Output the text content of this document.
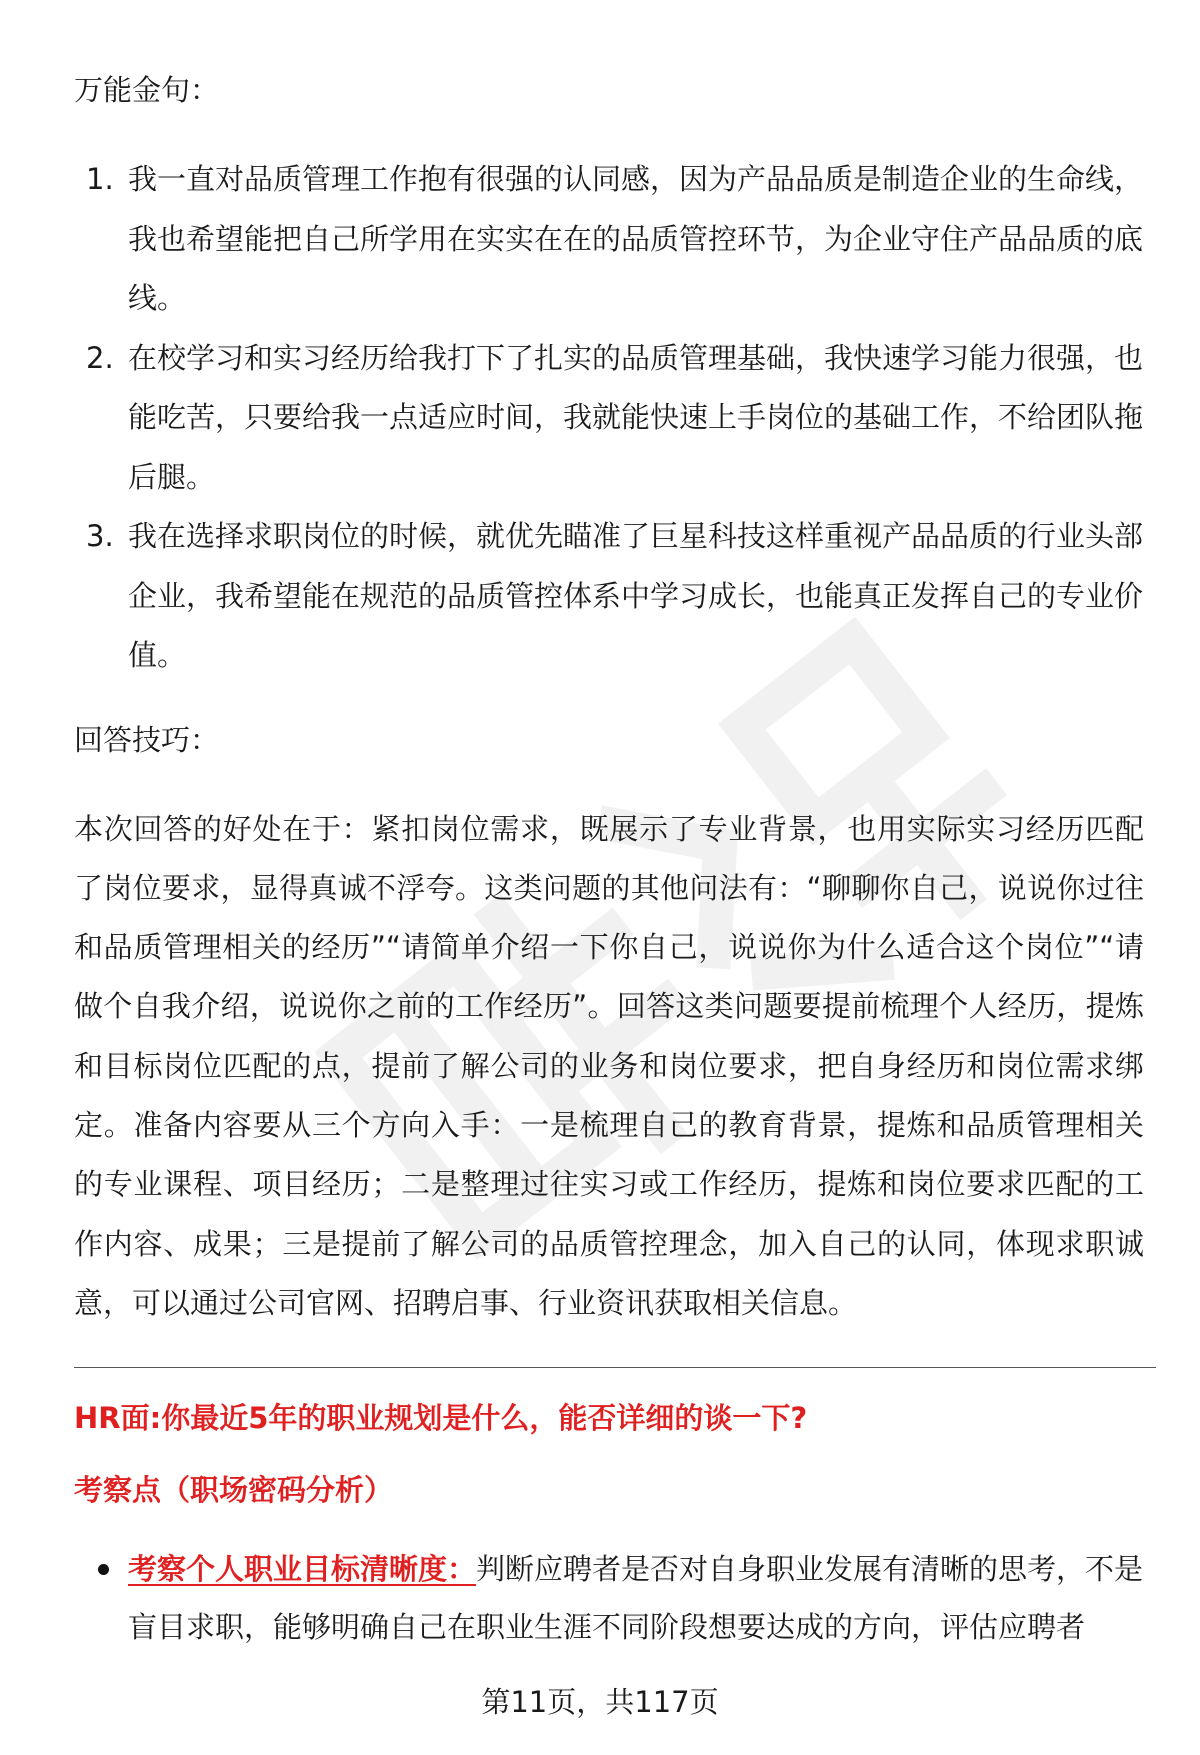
万能金句：

1. 我一直对品质管理工作抱有很强的认同感，因为产品品质是制造企业的生命线，我也希望能把自己所学用在实实在在的品质管控环节，为企业守住产品品质的底线。
2. 在校学习和实习经历给我打下了扎实的品质管理基础，我快速学习能力很强，也能吃苦，只要给我一点适应时间，我就能快速上手岗位的基础工作，不给团队拖后腿。
3. 我在选择求职岗位的时候，就优先瞄准了巨星科技这样重视产品品质的行业头部企业，我希望能在规范的品质管控体系中学习成长，也能真正发挥自己的专业价值。

回答技巧：

本次回答的好处在于：紧扣岗位需求，既展示了专业背景，也用实际实习经历匹配了岗位要求，显得真诚不浮夸。这类问题的其他问法有：“聊聊你自己，说说你过往和品质管理相关的经历”“请简单介绍一下你自己，说说你为什么适合这个岗位”“请做个自我介绍，说说你之前的工作经历”。回答这类问题要提前梳理个人经历，提炼和目标岗位匹配的点，提前了解公司的业务和岗位要求，把自身经历和岗位需求绑定。准备内容要从三个方向入手：一是梳理自己的教育背景，提炼和品质管理相关的专业课程、项目经历；二是整理过往实习或工作经历，提炼和岗位要求匹配的工作内容、成果；三是提前了解公司的品质管控理念，加入自己的认同，体现求职诚意，可以通过公司官网、招聘启事、行业资讯获取相关信息。

HR面:你最近5年的职业规划是什么，能否详细的谈一下?

考察点（职场密码分析）

考察个人职业目标清晰度：判断应聘者是否对自身职业发展有清晰的思考，不是盲目求职，能够明确自己在职业生涯不同阶段想要达成的方向，评估应聘者
第11页，共117页
